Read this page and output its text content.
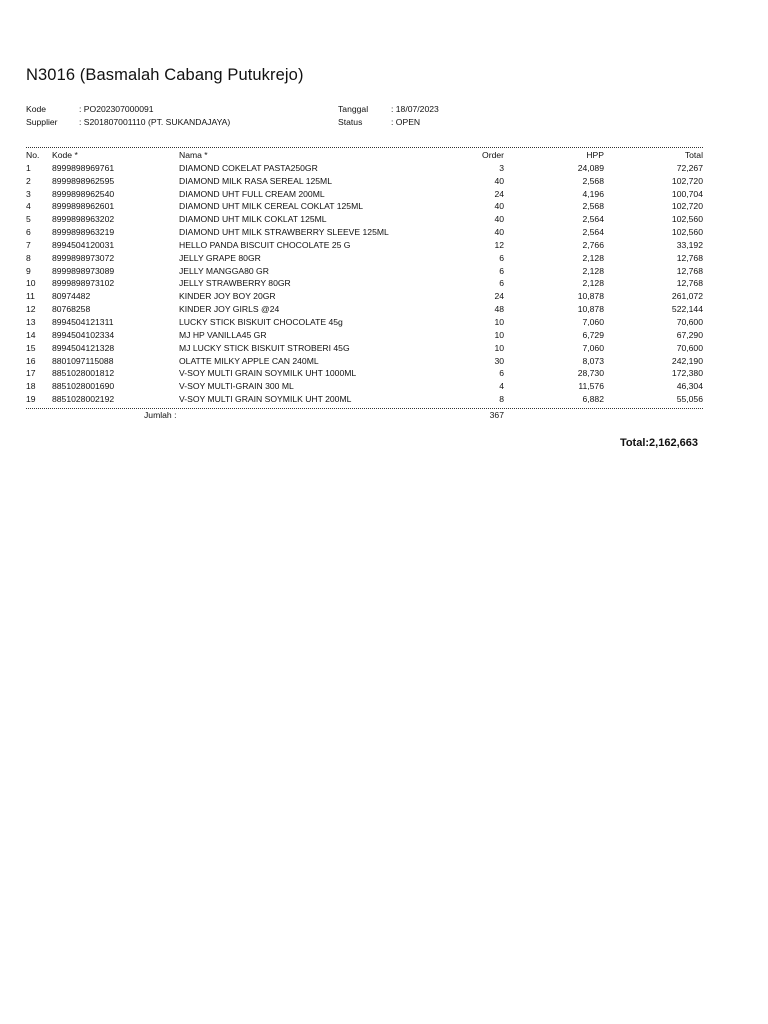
N3016 (Basmalah Cabang Putukrejo)
Kode	: PO202307000091
Supplier : S201807001110 (PT. SUKANDAJAYA)
Tanggal	: 18/07/2023
Status	: OPEN
No.	Kode *	Nama *	Order	HPP	Total
1	8999898969761	DIAMOND COKELAT PASTA250GR	3	24,089	72,267
2	8999898962595	DIAMOND MILK RASA SEREAL 125ML	40	2,568	102,720
3	8999898962540	DIAMOND UHT FULL CREAM 200ML	24	4,196	100,704
4	8999898962601	DIAMOND UHT MILK CEREAL COKLAT 125ML	40	2,568	102,720
5	8999898963202	DIAMOND UHT MILK COKLAT 125ML	40	2,564	102,560
6	8999898963219	DIAMOND UHT MILK STRAWBERRY SLEEVE 125ML	40	2,564	102,560
7	8994504120031	HELLO PANDA BISCUIT CHOCOLATE 25 G	12	2,766	33,192
8	8999898973072	JELLY GRAPE 80GR	6	2,128	12,768
9	8999898973089	JELLY MANGGA80 GR	6	2,128	12,768
10	8999898973102	JELLY STRAWBERRY 80GR	6	2,128	12,768
11	80974482	KINDER JOY BOY 20GR	24	10,878	261,072
12	80768258	KINDER JOY GIRLS @24	48	10,878	522,144
13	8994504121311	LUCKY STICK BISKUIT CHOCOLATE 45g	10	7,060	70,600
14	8994504102334	MJ HP VANILLA45 GR	10	6,729	67,290
15	8994504121328	MJ LUCKY STICK BISKUIT STROBERI 45G	10	7,060	70,600
16	8801097115088	OLATTE MILKY APPLE CAN 240ML	30	8,073	242,190
17	8851028001812	V-SOY MULTI GRAIN SOYMILK UHT 1000ML	6	28,730	172,380
18	8851028001690	V-SOY MULTI-GRAIN 300 ML	4	11,576	46,304
19	8851028002192	V-SOY MULTI GRAIN SOYMILK UHT 200ML	8	6,882	55,056
Jumlah :	367
Total:2,162,663
